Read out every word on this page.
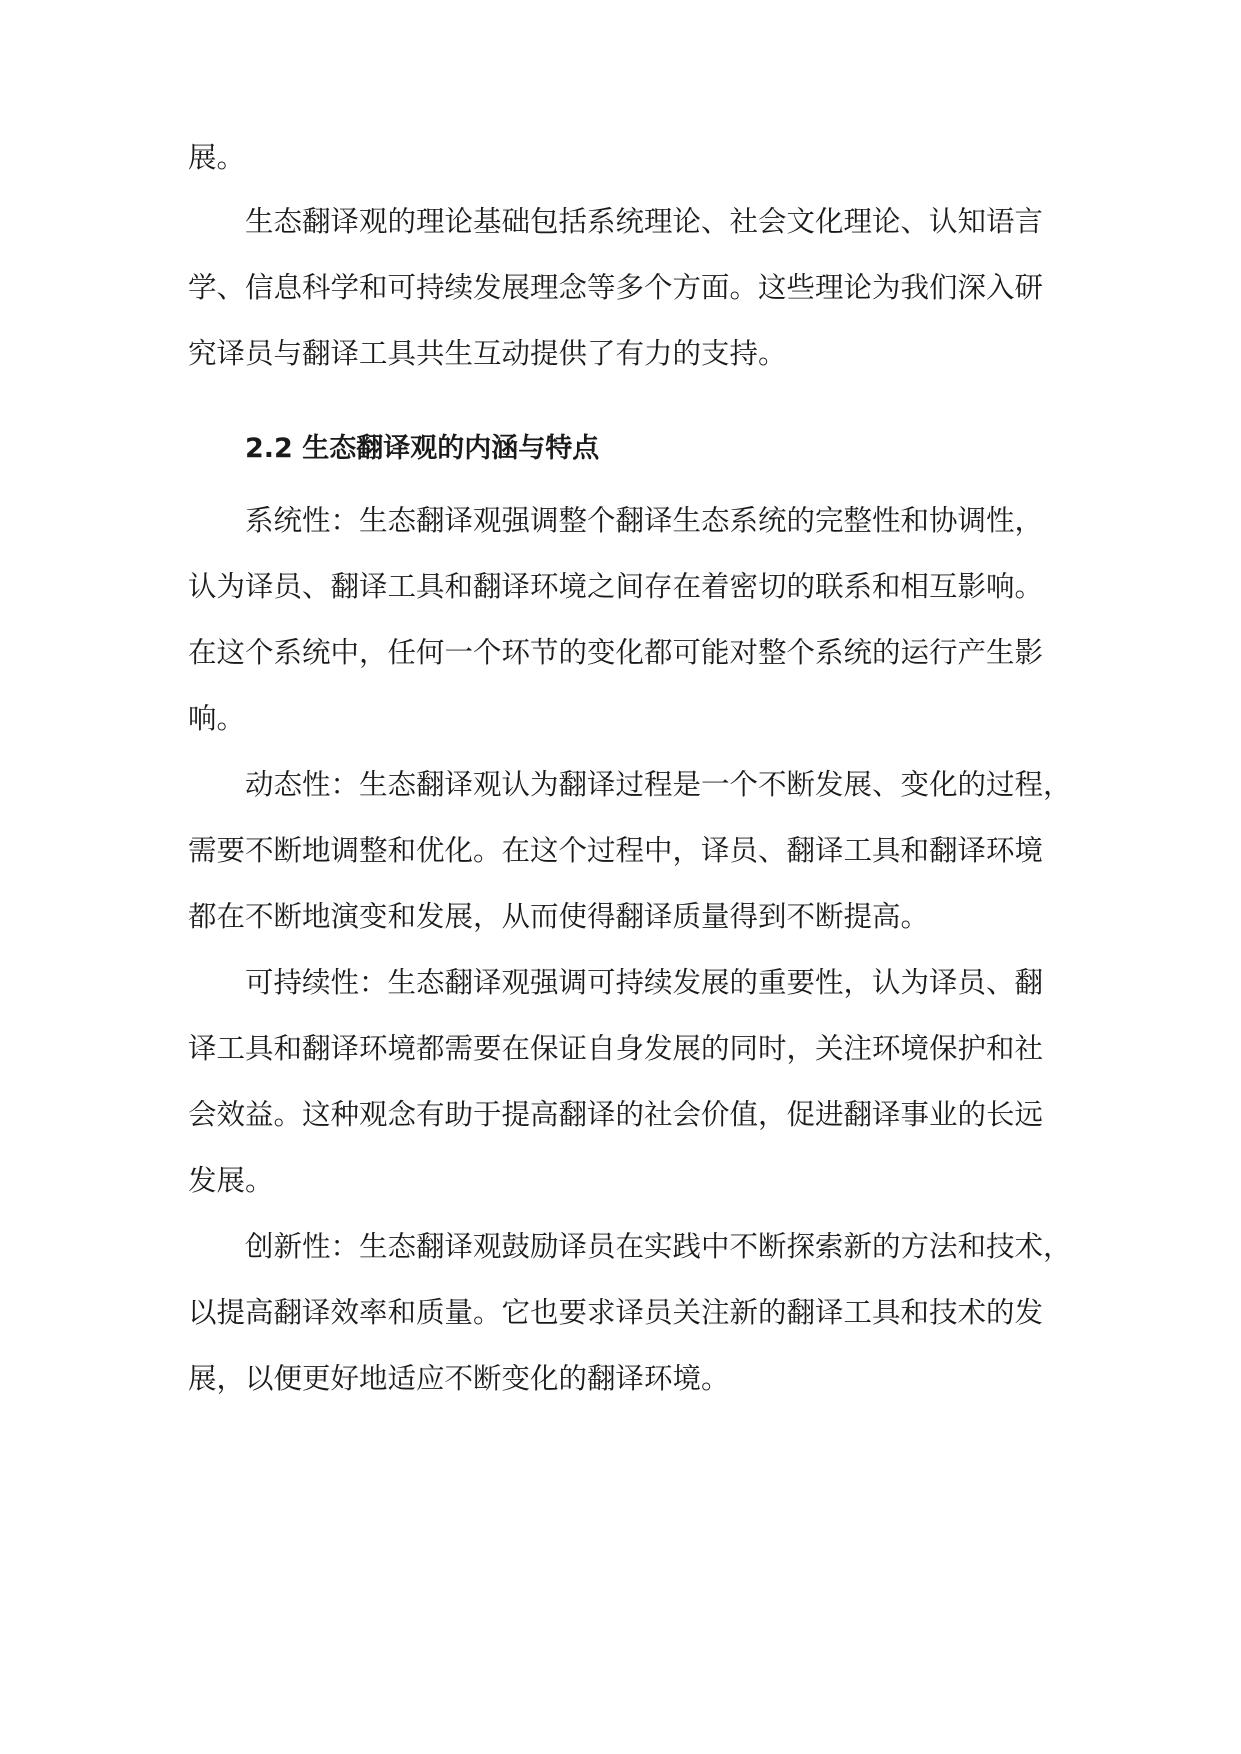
展。
生态翻译观的理论基础包括系统理论、社会文化理论、认知语言
学、信息科学和可持续发展理念等多个方面。这些理论为我们深入研
究译员与翻译工具共生互动提供了有力的支持。
2.2 生态翻译观的内涵与特点
系统性：生态翻译观强调整个翻译生态系统的完整性和协调性，
认为译员、翻译工具和翻译环境之间存在着密切的联系和相互影响。
在这个系统中，任何一个环节的变化都可能对整个系统的运行产生影
响。
动态性：生态翻译观认为翻译过程是一个不断发展、变化的过程，
需要不断地调整和优化。在这个过程中，译员、翻译工具和翻译环境
都在不断地演变和发展，从而使得翻译质量得到不断提高。
可持续性：生态翻译观强调可持续发展的重要性，认为译员、翻
译工具和翻译环境都需要在保证自身发展的同时，关注环境保护和社
会效益。这种观念有助于提高翻译的社会价值，促进翻译事业的长远
发展。
创新性：生态翻译观鼓励译员在实践中不断探索新的方法和技术，
以提高翻译效率和质量。它也要求译员关注新的翻译工具和技术的发
展，以便更好地适应不断变化的翻译环境。
